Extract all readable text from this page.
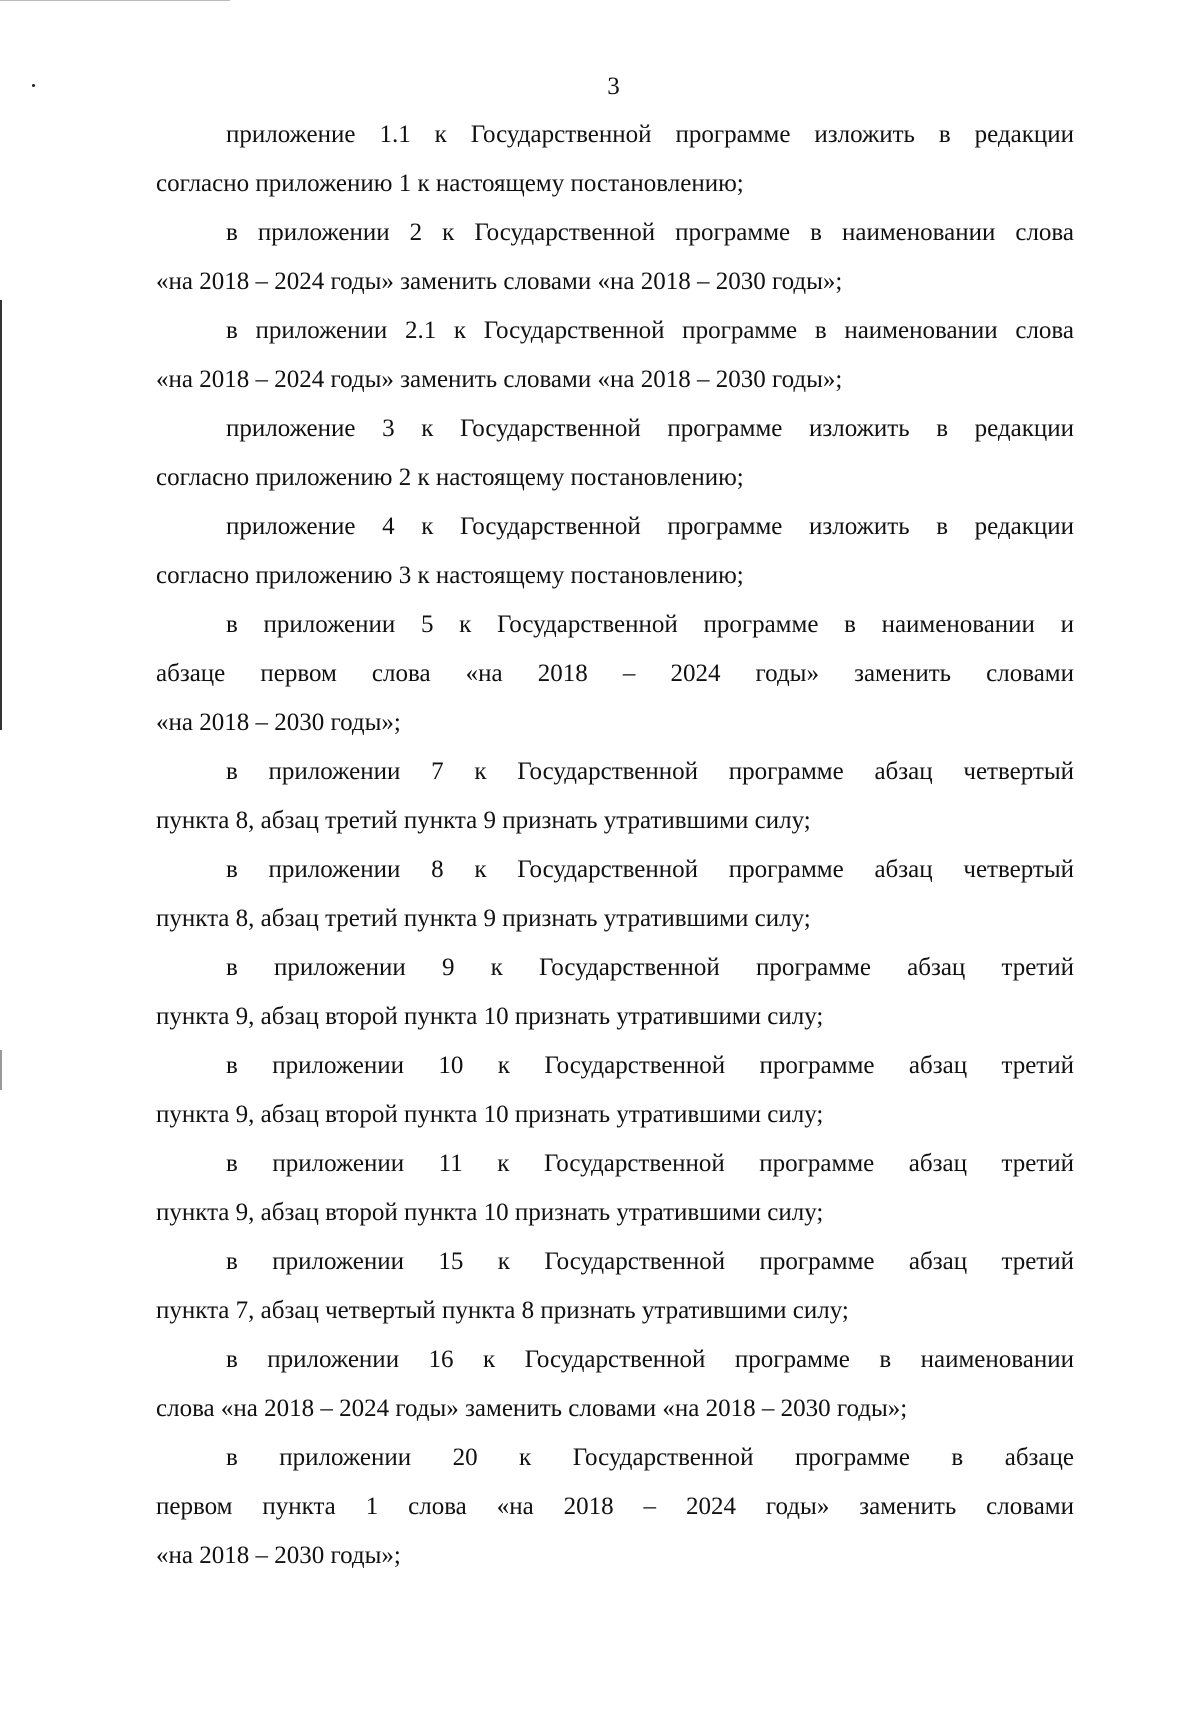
3

приложение 1.1 к Государственной программе изложить в редакции
согласно приложению 1 к настоящему постановлению;

в приложении 2 к Государственной программе в наименовании слова
«на 2018 – 2024 годы» заменить словами «на 2018 – 2030 годы»;

в приложении 2.1 к Государственной программе в наименовании слова
«на 2018 – 2024 годы» заменить словами «на 2018 – 2030 годы»;

приложение 3 к Государственной программе изложить в редакции
согласно приложению 2 к настоящему постановлению;

приложение 4 к Государственной программе изложить в редакции
согласно приложению 3 к настоящему постановлению;

в приложении 5 к Государственной программе в наименовании и
абзаце первом слова «на 2018 – 2024 годы» заменить словами
«на 2018 – 2030 годы»;

в приложении 7 к Государственной программе абзац четвертый
пункта 8, абзац третий пункта 9 признать утратившими силу;

в приложении 8 к Государственной программе абзац четвертый
пункта 8, абзац третий пункта 9 признать утратившими силу;

в приложении 9 к Государственной программе абзац третий
пункта 9, абзац второй пункта 10 признать утратившими силу;

в приложении 10 к Государственной программе абзац третий
пункта 9, абзац второй пункта 10 признать утратившими силу;

в приложении 11 к Государственной программе абзац третий
пункта 9, абзац второй пункта 10 признать утратившими силу;

в приложении 15 к Государственной программе абзац третий
пункта 7, абзац четвертый пункта 8 признать утратившими силу;

в приложении 16 к Государственной программе в наименовании
слова «на 2018 – 2024 годы» заменить словами «на 2018 – 2030 годы»;

в приложении 20 к Государственной программе в абзаце
первом пункта 1 слова «на 2018 – 2024 годы» заменить словами
«на 2018 – 2030 годы»;
